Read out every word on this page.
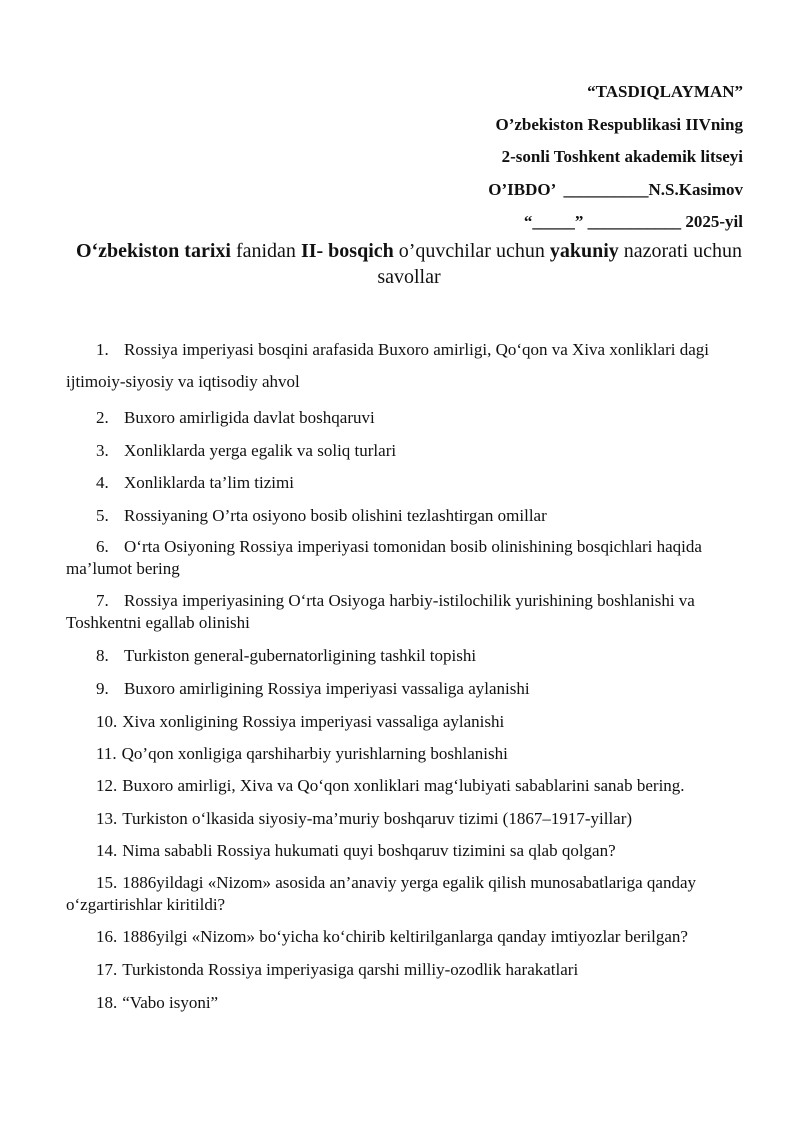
“TASDIQLAYMAN”
O’zbekiston Respublikasi IIVning
2-sonli Toshkent akademik litseyi
O’IBDO’  __________N.S.Kasimov
“_____” ___________ 2025-yil
O‘zbekiston tarixi fanidan II- bosqich o’quvchilar uchun yakuniy nazorati uchun savollar
1. Rossiya imperiyasi bosqini arafasida Buxoro amirligi, Qo‘qon va Xiva xonliklari dagi ijtimoiy-siyosiy va iqtisodiy ahvol
2. Buxoro amirligida davlat boshqaruvi
3. Xonliklarda yerga egalik va soliq turlari
4. Xonliklarda ta’lim tizimi
5. Rossiyaning O’rta osiyono bosib olishini tezlashtirgan omillar
6. O‘rta Osiyoning Rossiya imperiyasi tomonidan bosib olinishining bosqichlari haqida ma’lumot bering
7. Rossiya imperiyasining O‘rta Osiyoga harbiy-istilochilik yurishining boshlanishi va Toshkentni egallab olinishi
8. Turkiston general-gubernatorligining tashkil topishi
9. Buxoro amirligining Rossiya imperiyasi vassaliga aylanishi
10. Xiva xonligining Rossiya imperiyasi vassaliga aylanishi
11. Qo’qon xonligiga qarshiharbiy yurishlarning boshlanishi
12. Buxoro amirligi, Xiva va Qo‘qon xonliklari mag‘lubiyati sabablarini sanab bering.
13. Turkiston o‘lkasida siyosiy-ma’muriy boshqaruv tizimi (1867–1917-yillar)
14. Nima sababli Rossiya hukumati quyi boshqaruv tizimini sa qlab qolgan?
15. 1886yildagi «Nizom» asosida an’anaviy yerga egalik qilish munosabatlariga qanday o‘zgartirishlar kiritildi?
16. 1886yilgi «Nizom» bo‘yicha ko‘chirib keltirilganlarga qanday imtiyozlar berilgan?
17. Turkistonda Rossiya imperiyasiga qarshi milliy-ozodlik harakatlari
18. “Vabo isyoni”
